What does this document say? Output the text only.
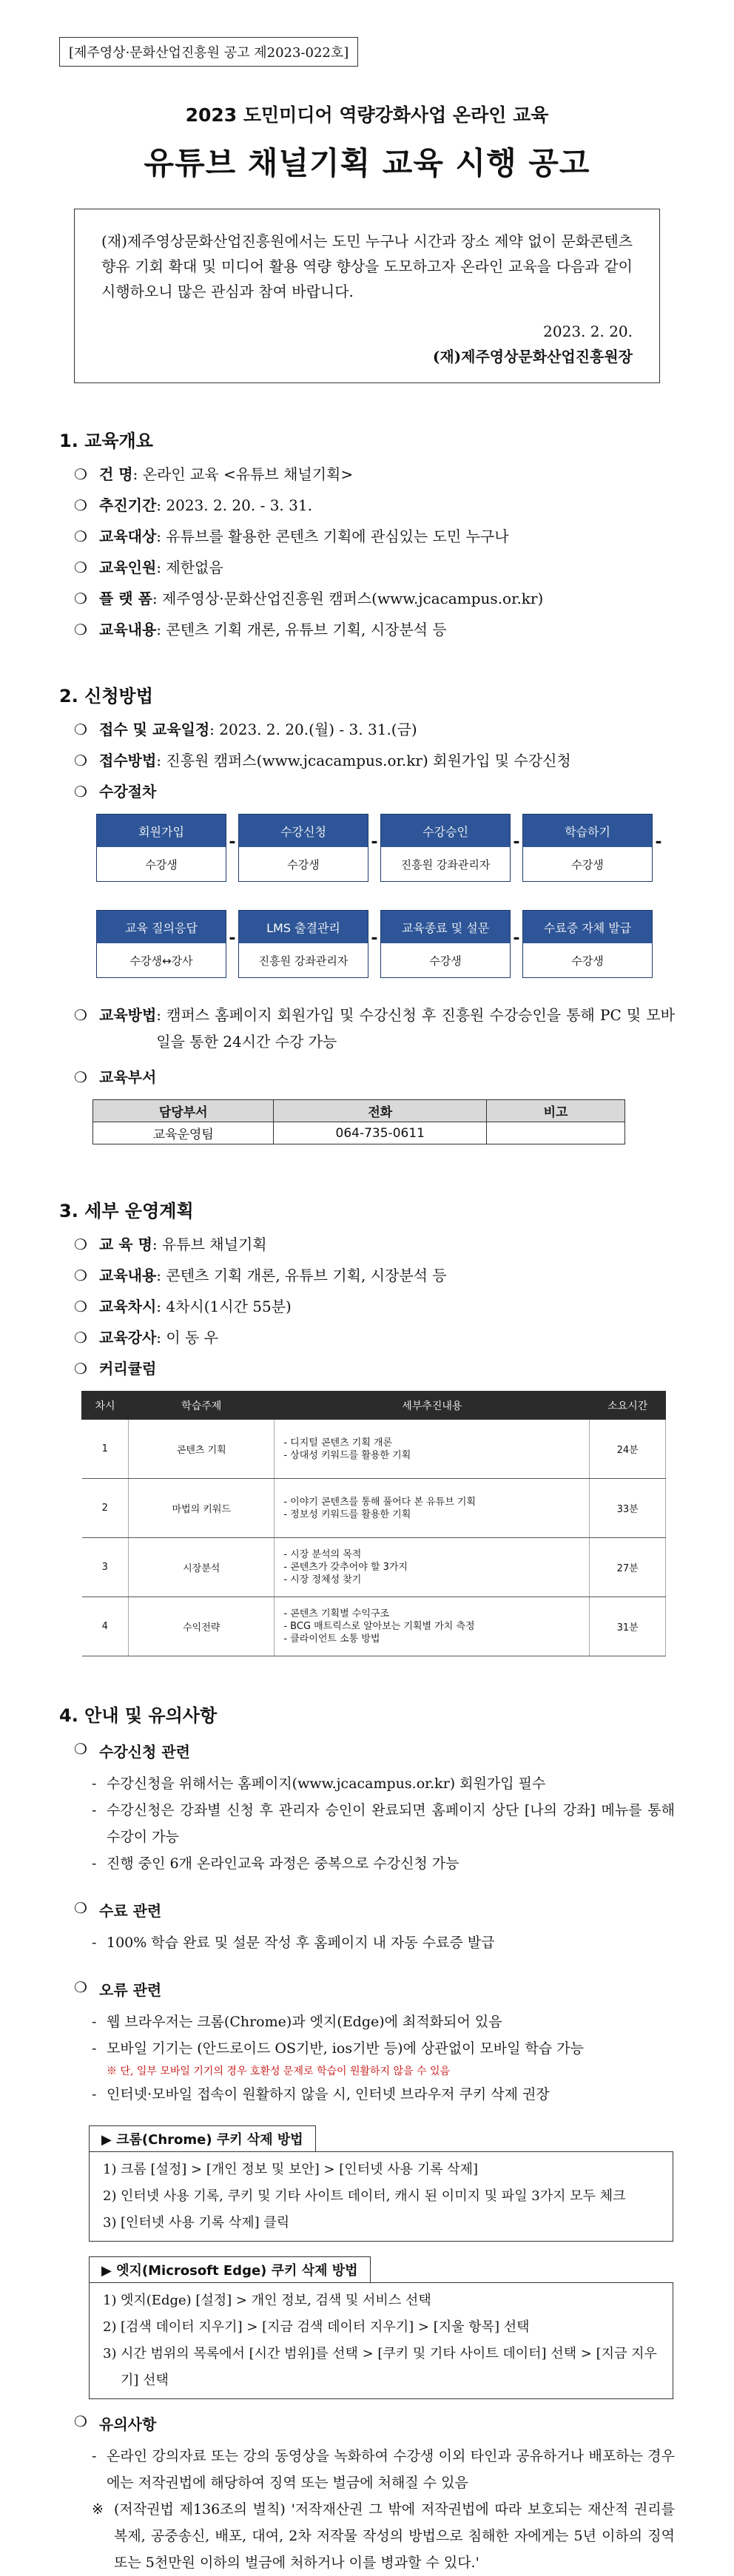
[제주영상·문화산업진흥원 공고 제2023-022호]
2023 도민미디어 역량강화사업 온라인 교육
유튜브 채널기획 교육 시행 공고
(재)제주영상문화산업진흥원에서는 도민 누구나 시간과 장소 제약 없이 문화콘텐츠 향유 기회 확대 및 미디어 활용 역량 향상을 도모하고자 온라인 교육을 다음과 같이 시행하오니 많은 관심과 참여 바랍니다.
2023. 2. 20.
(재)제주영상문화산업진흥원장
1. 교육개요
❍ 건 명 : 온라인 교육 <유튜브 채널기획>
❍ 추진기간 : 2023. 2. 20. - 3. 31.
❍ 교육대상 : 유튜브를 활용한 콘텐츠 기획에 관심있는 도민 누구나
❍ 교육인원 : 제한없음
❍ 플 랫 폼 : 제주영상·문화산업진흥원 캠퍼스(www.jcacampus.or.kr)
❍ 교육내용 : 콘텐츠 기획 개론, 유튜브 기획, 시장분석 등
2. 신청방법
❍ 접수 및 교육일정 : 2023. 2. 20.(월) - 3. 31.(금)
❍ 접수방법 : 진흥원 캠퍼스(www.jcacampus.or.kr) 회원가입 및 수강신청
❍ 수강절차
회원가입
수강생
-
수강신청
수강생
-
수강승인
진흥원 강좌관리자
-
학습하기
수강생
-
교육 질의응답
수강생↔강사
-
LMS 출결관리
진흥원 강좌관리자
-
교육종료 및 설문
수강생
-
수료증 자체 발급
수강생
❍ 교육방법 : 캠퍼스 홈페이지 회원가입 및 수강신청 후 진흥원 수강승인을 통해 PC 및 모바일을 통한 24시간 수강 가능
❍ 교육부서
담당부서	전화	비고
교육운영팀	064-735-0611	
3. 세부 운영계획
❍ 교 육 명 : 유튜브 채널기획
❍ 교육내용 : 콘텐츠 기획 개론, 유튜브 기획, 시장분석 등
❍ 교육차시 : 4차시(1시간 55분)
❍ 교육강사 : 이 동 우
❍ 커리큘럼
차시	학습주제	세부추진내용	소요시간
1	콘텐츠 기획	- 디지털 콘텐츠 기획 개론
- 상대성 키워드를 활용한 기획	24분
2	마법의 키워드	- 이야기 콘텐츠를 통해 풀어다 본 유튜브 기획
- 정보성 키워드를 활용한 기획	33분
3	시장분석	- 시장 분석의 목적
- 콘텐츠가 갖추어야 할 3가지
- 시장 정체성 찾기	27분
4	수익전략	- 콘텐츠 기획별 수익구조
- BCG 매트릭스로 알아보는 기획별 가치 측정
- 클라이언트 소통 방법	31분
4. 안내 및 유의사항
❍ 수강신청 관련
- 수강신청을 위해서는 홈페이지(www.jcacampus.or.kr) 회원가입 필수
- 수강신청은 강좌별 신청 후 관리자 승인이 완료되면 홈페이지 상단 [나의 강좌] 메뉴를 통해 수강이 가능
- 진행 중인 6개 온라인교육 과정은 중복으로 수강신청 가능
❍ 수료 관련
- 100% 학습 완료 및 설문 작성 후 홈페이지 내 자동 수료증 발급
❍ 오류 관련
- 웹 브라우저는 크롬(Chrome)과 엣지(Edge)에 최적화되어 있음
- 모바일 기기는 (안드로이드 OS기반, ios기반 등)에 상관없이 모바일 학습 가능
※ 단, 일부 모바일 기기의 경우 호환성 문제로 학습이 원활하지 않을 수 있음
- 인터넷·모바일 접속이 원활하지 않을 시, 인터넷 브라우저 쿠키 삭제 권장
▶ 크롬(Chrome) 쿠키 삭제 방법
1) 크롬 [설정] > [개인 정보 및 보안] > [인터넷 사용 기록 삭제]
2) 인터넷 사용 기록, 쿠키 및 기타 사이트 데이터, 캐시 된 이미지 및 파일 3가지 모두 체크
3) [인터넷 사용 기록 삭제] 클릭
▶ 엣지(Microsoft Edge) 쿠키 삭제 방법
1) 엣지(Edge) [설정] > 개인 정보, 검색 및 서비스 선택
2) [검색 데이터 지우기] > [지금 검색 데이터 지우기] > [지울 항목] 선택
3) 시간 범위의 목록에서 [시간 범위]를 선택 > [쿠키 및 기타 사이트 데이터] 선택 > [지금 지우기] 선택
❍ 유의사항
- 온라인 강의자료 또는 강의 동영상을 녹화하여 수강생 이외 타인과 공유하거나 배포하는 경우에는 저작권법에 해당하여 징역 또는 벌금에 처해질 수 있음
※ (저작권법 제136조의 벌칙) '저작재산권 그 밖에 저작권법에 따라 보호되는 재산적 권리를 복제, 공중송신, 배포, 대여, 2차 저작물 작성의 방법으로 침해한 자에게는 5년 이하의 징역 또는 5천만원 이하의 벌금에 처하거나 이를 병과할 수 있다.'
